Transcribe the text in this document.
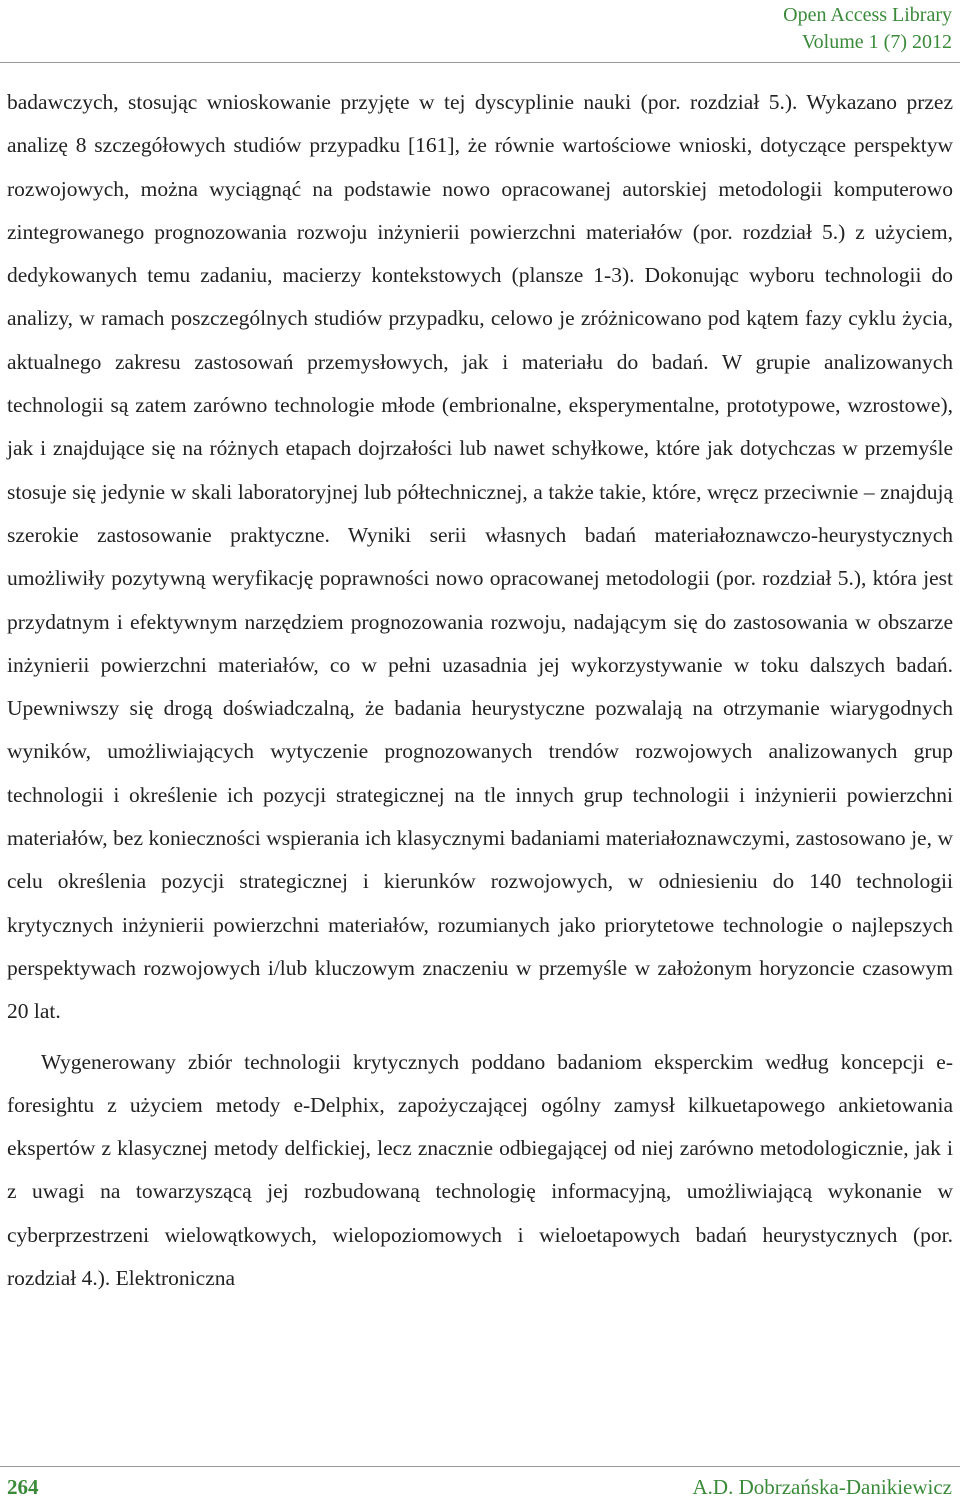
Open Access Library
Volume 1 (7) 2012

badawczych, stosując wnioskowanie przyjęte w tej dyscyplinie nauki (por. rozdział 5.). Wykazano przez analizę 8 szczegółowych studiów przypadku [161], że równie wartościowe wnioski, dotyczące perspektyw rozwojowych, można wyciągnąć na podstawie nowo opracowanej autorskiej metodologii komputerowo zintegrowanego prognozowania rozwoju inżynierii powierzchni materiałów (por. rozdział 5.) z użyciem, dedykowanych temu zadaniu, macierzy kontekstowych (plansze 1-3). Dokonując wyboru technologii do analizy, w ramach poszczególnych studiów przypadku, celowo je zróżnicowano pod kątem fazy cyklu życia, aktualnego zakresu zastosowań przemysłowych, jak i materiału do badań. W grupie analizowanych technologii są zatem zarówno technologie młode (embrionalne, eksperymentalne, prototypowe, wzrostowe), jak i znajdujące się na różnych etapach dojrzałości lub nawet schyłkowe, które jak dotychczas w przemyśle stosuje się jedynie w skali laboratoryjnej lub półtechnicznej, a także takie, które, wręcz przeciwnie – znajdują szerokie zastosowanie praktyczne. Wyniki serii własnych badań materiałoznawczo-heurystycznych umożliwiły pozytywną weryfikację poprawności nowo opracowanej metodologii (por. rozdział 5.), która jest przydatnym i efektywnym narzędziem prognozowania rozwoju, nadającym się do zastosowania w obszarze inżynierii powierzchni materiałów, co w pełni uzasadnia jej wykorzystywanie w toku dalszych badań. Upewniwszy się drogą doświadczalną, że badania heurystyczne pozwalają na otrzymanie wiarygodnych wyników, umożliwiających wytyczenie prognozowanych trendów rozwojowych analizowanych grup technologii i określenie ich pozycji strategicznej na tle innych grup technologii i inżynierii powierzchni materiałów, bez konieczności wspierania ich klasycznymi badaniami materiałoznawczymi, zastosowano je, w celu określenia pozycji strategicznej i kierunków rozwojowych, w odniesieniu do 140 technologii krytycznych inżynierii powierzchni materiałów, rozumianych jako priorytetowe technologie o najlepszych perspektywach rozwojowych i/lub kluczowym znaczeniu w przemyśle w założonym horyzoncie czasowym 20 lat.

Wygenerowany zbiór technologii krytycznych poddano badaniom eksperckim według koncepcji e-foresightu z użyciem metody e-Delphix, zapożyczającej ogólny zamysł kilkuetapowego ankietowania ekspertów z klasycznej metody delfickiej, lecz znacznie odbiegającej od niej zarówno metodologicznie, jak i z uwagi na towarzyszącą jej rozbudowaną technologię informacyjną, umożliwiającą wykonanie w cyberprzestrzeni wielowątkowych, wielopoziomowych i wieloetapowych badań heurystycznych (por. rozdział 4.). Elektroniczna

264	A.D. Dobrzańska-Danikiewicz
